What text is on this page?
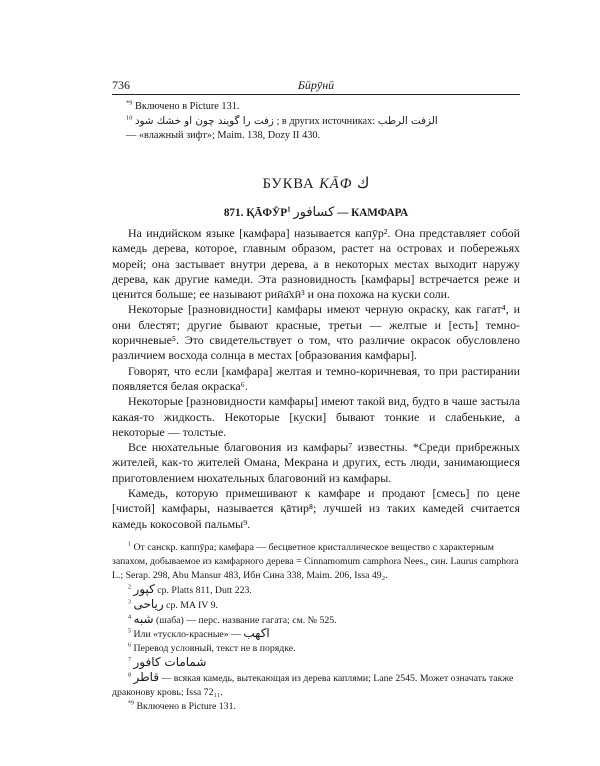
736	Бӣрӯнӣ
$^{*9}$ Включено в Picture 131.
$^{10}$ زفت را گويند چون او خشك شود ; в других источниках: الزفت الرطب
— «влажный зифт»; Maim. 138, Dozy II 430.
БУКВА КĀФ ك
871. ҚĀФӮР$^1$ كسافور — КАМФАРА

На индийском языке [камфара] называется капӯр². Она представляет собой камедь дерева, которое, главным образом, растет на островах и побережьях морей; она застывает внутри дерева, а в некоторых местах выходит наружу дерева, как другие камеди. Эта разновидность [камфары] встречается реже и ценится больше; ее называют риӣа̄хӣ³ и она похожа на куски соли.

Некоторые [разновидности] камфары имеют черную окраску, как гагат⁴, и они блестят; другие бывают красные, третьи — желтые и [есть] темно-коричневые⁵. Это свидетельствует о том, что различие окрасок обусловлено различием восхода солнца в местах [образования камфары].

Говорят, что если [камфара] желтая и темно-коричневая, то при растирании появляется белая окраска⁶.

Некоторые [разновидности камфары] имеют такой вид, будто в чаше застыла какая-то жидкость. Некоторые [куски] бывают тонкие и слабенькие, а некоторые — толстые.

Все нюхательные благовония из камфары⁷ известны. *Среди прибрежных жителей, как-то жителей Омана, Мекрана и других, есть люди, занимающиеся приготовлением нюхательных благовоний из камфары.

Камедь, которую примешивают к камфаре и продают [смесь] по цене [чистой] камфары, называется қāтир⁸; лучшей из таких камедей считается камедь кокосовой пальмы⁹.

$^1$ От санскр. каппӯра; камфара — бесцветное кристаллическое вещество с характерным запахом, добываемое из камфарного дерева = Cinnamomum camphora Nees., син. Laurus camphora L.; Serap. 298, Abu Mansur 483, Ибн Сина 338, Maim. 206, Issa 49₂.

$^2$ كپور ср. Platts 811, Dutt 223.

$^3$ رياحی ср. MA IV 9.

$^4$ شبه (шаба) — перс. название гагата; см. № 525.

$^5$ Или «тускло-красные» — اكهب

$^6$ Перевод условный, текст не в порядке.

$^7$ شمامات كافور

$^8$ قاطر — всякая камедь, вытекающая из дерева каплями; Lane 2545. Может означать также драконову кровь; Issa 72₁₁.

$^{*9}$ Включено в Picture 131.
